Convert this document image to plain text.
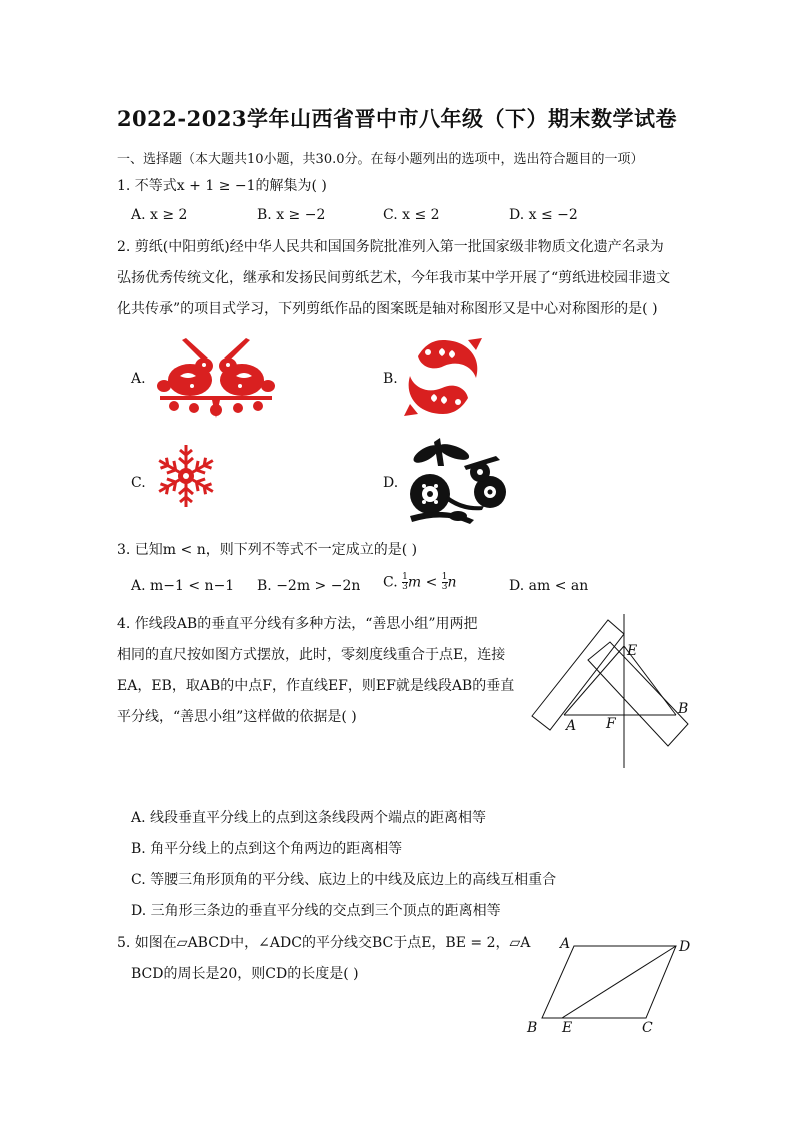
2022-2023学年山西省晋中市八年级（下）期末数学试卷
一、选择题（本大题共10小题，共30.0分。在每小题列出的选项中，选出符合题目的一项）
1. 不等式x + 1 ≥ −1的解集为( )
A. x ≥ 2	B. x ≥ −2	C. x ≤ 2	D. x ≤ −2
2. 剪纸(中阳剪纸)经中华人民共和国国务院批准列入第一批国家级非物质文化遗产名录为
弘扬优秀传统文化，继承和发扬民间剪纸艺术，今年我市某中学开展了“剪纸进校园非遗文
化共传承”的项目式学习，下列剪纸作品的图案既是轴对称图形又是中心对称图形的是( )
A.	B.
C.	D.
3. 已知m < n，则下列不等式不一定成立的是( )
A. m−1 < n−1 B. −2m > −2n C. $\frac{1}{3}$ $m < \frac{1}{3}$ n	D. am < an
4. 作线段AB的垂直平分线有多种方法，“善思小组”用两把
相同的直尺按如图方式摆放，此时，零刻度线重合于点E，连接
EA，EB，取AB的中点F，作直线EF，则EF就是线段AB的垂直
平分线，“善思小组”这样做的依据是( )
E
A F
B
A. 线段垂直平分线上的点到这条线段两个端点的距离相等
B. 角平分线上的点到这个角两边的距离相等
C. 等腰三角形顶角的平分线、底边上的中线及底边上的高线互相重合
D. 三角形三条边的垂直平分线的交点到三个顶点的距离相等
5. 如图在▱ABCD中，∠ADC的平分线交BC于点E，BE = 2，▱A
BCD的周长是20，则CD的长度是( )
A	D
B E	C
